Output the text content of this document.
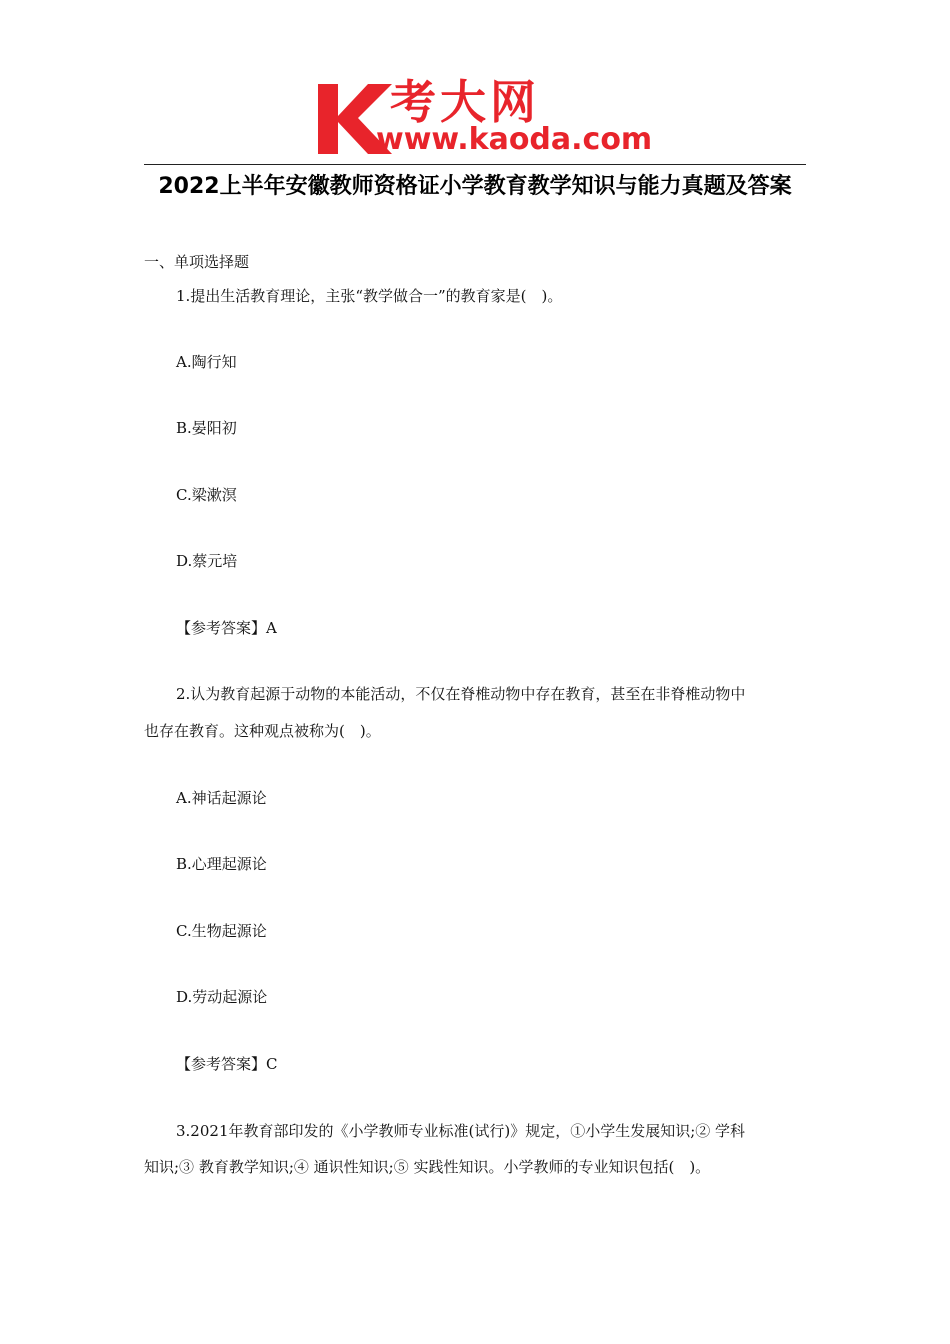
考大网
www.kaoda.com
2022上半年安徽教师资格证小学教育教学知识与能力真题及答案
一、单项选择题
1.提出生活教育理论，主张“教学做合一”的教育家是(　)。
A.陶行知
B.晏阳初
C.梁漱溟
D.蔡元培
【参考答案】A
2.认为教育起源于动物的本能活动，不仅在脊椎动物中存在教育，甚至在非脊椎动物中
也存在教育。这种观点被称为(　)。
A.神话起源论
B.心理起源论
C.生物起源论
D.劳动起源论
【参考答案】C
3.2021年教育部印发的《小学教师专业标准(试行)》规定，①小学生发展知识;② 学科
知识;③ 教育教学知识;④ 通识性知识;⑤ 实践性知识。小学教师的专业知识包括(　)。
